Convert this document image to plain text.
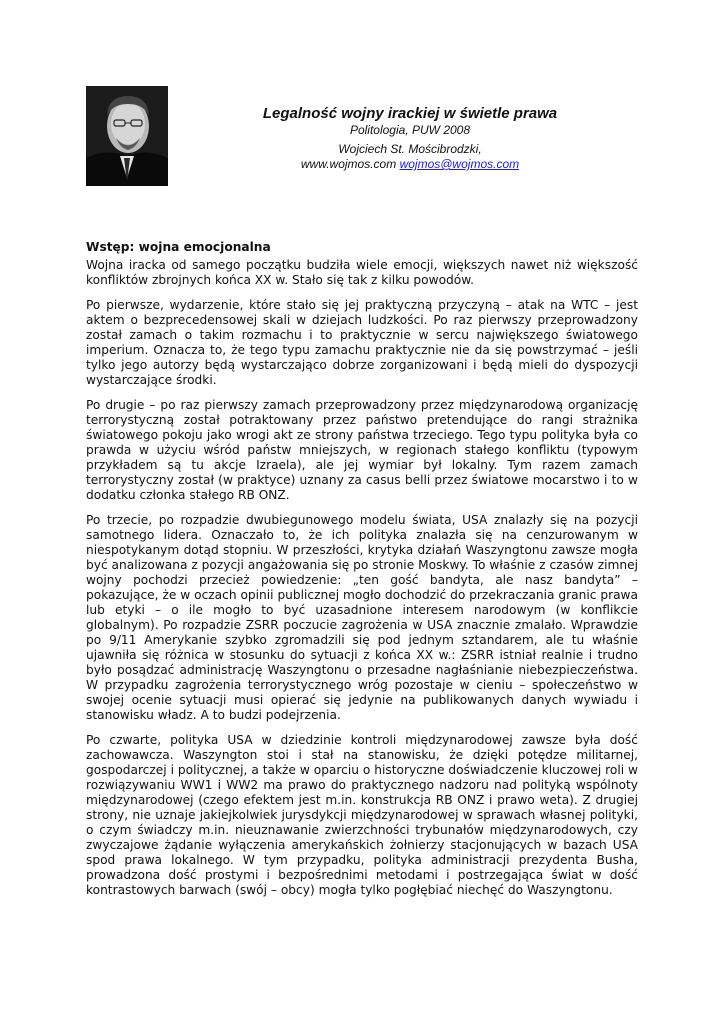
Legalność wojny irackiej w świetle prawa

Politologia, PUW 2008

Wojciech St. Mościbrodzki,

www.wojmos.com wojmos@wojmos.com

Wstęp: wojna emocjonalna

Wojna iracka od samego początku budziła wiele emocji, większych nawet niż większość konfliktów zbrojnych końca XX w. Stało się tak z kilku powodów.

Po pierwsze, wydarzenie, które stało się jej praktyczną przyczyną – atak na WTC – jest aktem o bezprecedensowej skali w dziejach ludzkości. Po raz pierwszy przeprowadzony został zamach o takim rozmachu i to praktycznie w sercu największego światowego imperium. Oznacza to, że tego typu zamachu praktycznie nie da się powstrzymać – jeśli tylko jego autorzy będą wystarczająco dobrze zorganizowani i będą mieli do dyspozycji wystarczające środki.

Po drugie – po raz pierwszy zamach przeprowadzony przez międzynarodową organizację terrorystyczną został potraktowany przez państwo pretendujące do rangi strażnika światowego pokoju jako wrogi akt ze strony państwa trzeciego. Tego typu polityka była co prawda w użyciu wśród państw mniejszych, w regionach stałego konfliktu (typowym przykładem są tu akcje Izraela), ale jej wymiar był lokalny. Tym razem zamach terrorystyczny został (w praktyce) uznany za casus belli przez światowe mocarstwo i to w dodatku członka stałego RB ONZ.

Po trzecie, po rozpadzie dwubiegunowego modelu świata, USA znalazły się na pozycji samotnego lidera. Oznaczało to, że ich polityka znalazła się na cenzurowanym w niespotykanym dotąd stopniu. W przeszłości, krytyka działań Waszyngtonu zawsze mogła być analizowana z pozycji angażowania się po stronie Moskwy. To właśnie z czasów zimnej wojny pochodzi przecież powiedzenie: „ten gość bandyta, ale nasz bandyta” – pokazujące, że w oczach opinii publicznej mogło dochodzić do przekraczania granic prawa lub etyki – o ile mogło to być uzasadnione interesem narodowym (w konflikcie globalnym). Po rozpadzie ZSRR poczucie zagrożenia w USA znacznie zmalało. Wprawdzie po 9/11 Amerykanie szybko zgromadzili się pod jednym sztandarem, ale tu właśnie ujawniła się różnica w stosunku do sytuacji z końca XX w.: ZSRR istniał realnie i trudno było posądzać administrację Waszyngtonu o przesadne nagłaśnianie niebezpieczeństwa. W przypadku zagrożenia terrorystycznego wróg pozostaje w cieniu – społeczeństwo w swojej ocenie sytuacji musi opierać się jedynie na publikowanych danych wywiadu i stanowisku władz. A to budzi podejrzenia.

Po czwarte, polityka USA w dziedzinie kontroli międzynarodowej zawsze była dość zachowawcza. Waszyngton stoi i stał na stanowisku, że dzięki potędze militarnej, gospodarczej i politycznej, a także w oparciu o historyczne doświadczenie kluczowej roli w rozwiązywaniu WW1 i WW2 ma prawo do praktycznego nadzoru nad polityką wspólnoty międzynarodowej (czego efektem jest m.in. konstrukcja RB ONZ i prawo weta). Z drugiej strony, nie uznaje jakiejkolwiek jurysdykcji międzynarodowej w sprawach własnej polityki, o czym świadczy m.in. nieuznawanie zwierzchności trybunałów międzynarodowych, czy zwyczajowe żądanie wyłączenia amerykańskich żołnierzy stacjonujących w bazach USA spod prawa lokalnego. W tym przypadku, polityka administracji prezydenta Busha, prowadzona dość prostymi i bezpośrednimi metodami i postrzegająca świat w dość kontrastowych barwach (swój – obcy) mogła tylko pogłębiać niechęć do Waszyngtonu.
